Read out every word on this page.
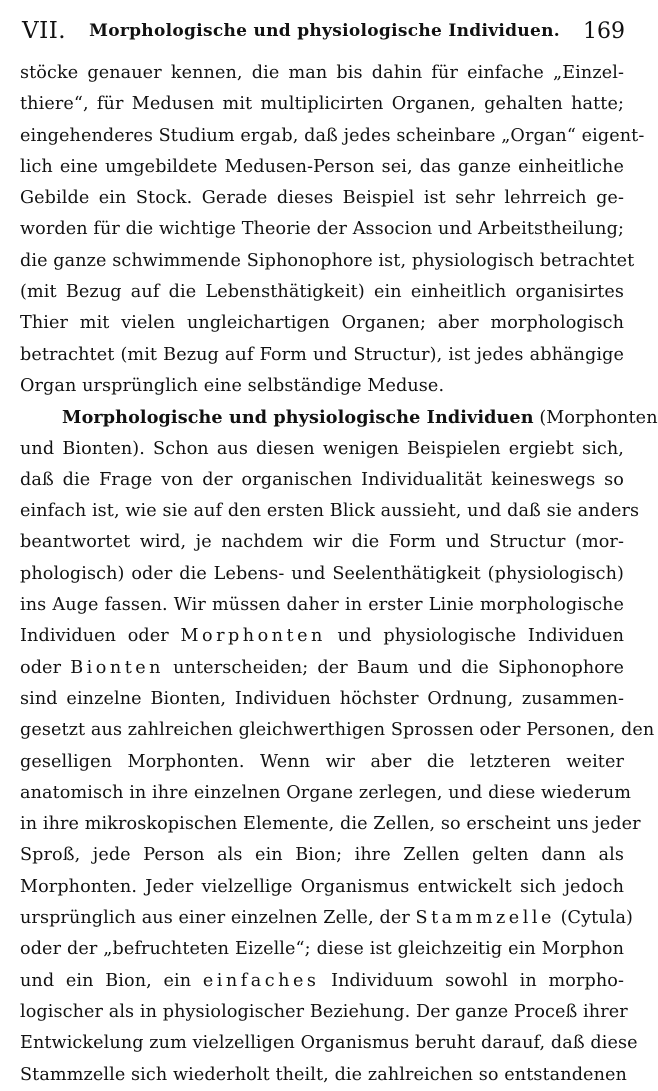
VII.	Morphologische und physiologische Individuen.	169
stöcke genauer kennen, die man bis dahin für einfache „Einzel-
thiere“, für Medusen mit multiplicirten Organen, gehalten hatte;
eingehenderes Studium ergab, daß jedes scheinbare „Organ“ eigent-
lich eine umgebildete Medusen-Person sei, das ganze einheitliche
Gebilde ein Stock. Gerade dieses Beispiel ist sehr lehrreich ge-
worden für die wichtige Theorie der Associon und Arbeitstheilung;
die ganze schwimmende Siphonophore ist, physiologisch betrachtet
(mit Bezug auf die Lebensthätigkeit) ein einheitlich organisirtes
Thier mit vielen ungleichartigen Organen; aber morphologisch
betrachtet (mit Bezug auf Form und Structur), ist jedes abhängige
Organ ursprünglich eine selbständige Meduse.
Morphologische und physiologische Individuen (Morphonten
und Bionten). Schon aus diesen wenigen Beispielen ergiebt sich,
daß die Frage von der organischen Individualität keineswegs so
einfach ist, wie sie auf den ersten Blick aussieht, und daß sie anders
beantwortet wird, je nachdem wir die Form und Structur (mor-
phologisch) oder die Lebens- und Seelenthätigkeit (physiologisch)
ins Auge fassen. Wir müssen daher in erster Linie morphologische
Individuen oder Morphonten und physiologische Individuen
oder Bionten unterscheiden; der Baum und die Siphonophore
sind einzelne Bionten, Individuen höchster Ordnung, zusammen-
gesetzt aus zahlreichen gleichwerthigen Sprossen oder Personen, den
geselligen Morphonten. Wenn wir aber die letzteren weiter
anatomisch in ihre einzelnen Organe zerlegen, und diese wiederum
in ihre mikroskopischen Elemente, die Zellen, so erscheint uns jeder
Sproß, jede Person als ein Bion; ihre Zellen gelten dann als
Morphonten. Jeder vielzellige Organismus entwickelt sich jedoch
ursprünglich aus einer einzelnen Zelle, der Stammzelle (Cytula)
oder der „befruchteten Eizelle“; diese ist gleichzeitig ein Morphon
und ein Bion, ein einfaches Individuum sowohl in morpho-
logischer als in physiologischer Beziehung. Der ganze Proceß ihrer
Entwickelung zum vielzelligen Organismus beruht darauf, daß diese
Stammzelle sich wiederholt theilt, die zahlreichen so entstandenen
